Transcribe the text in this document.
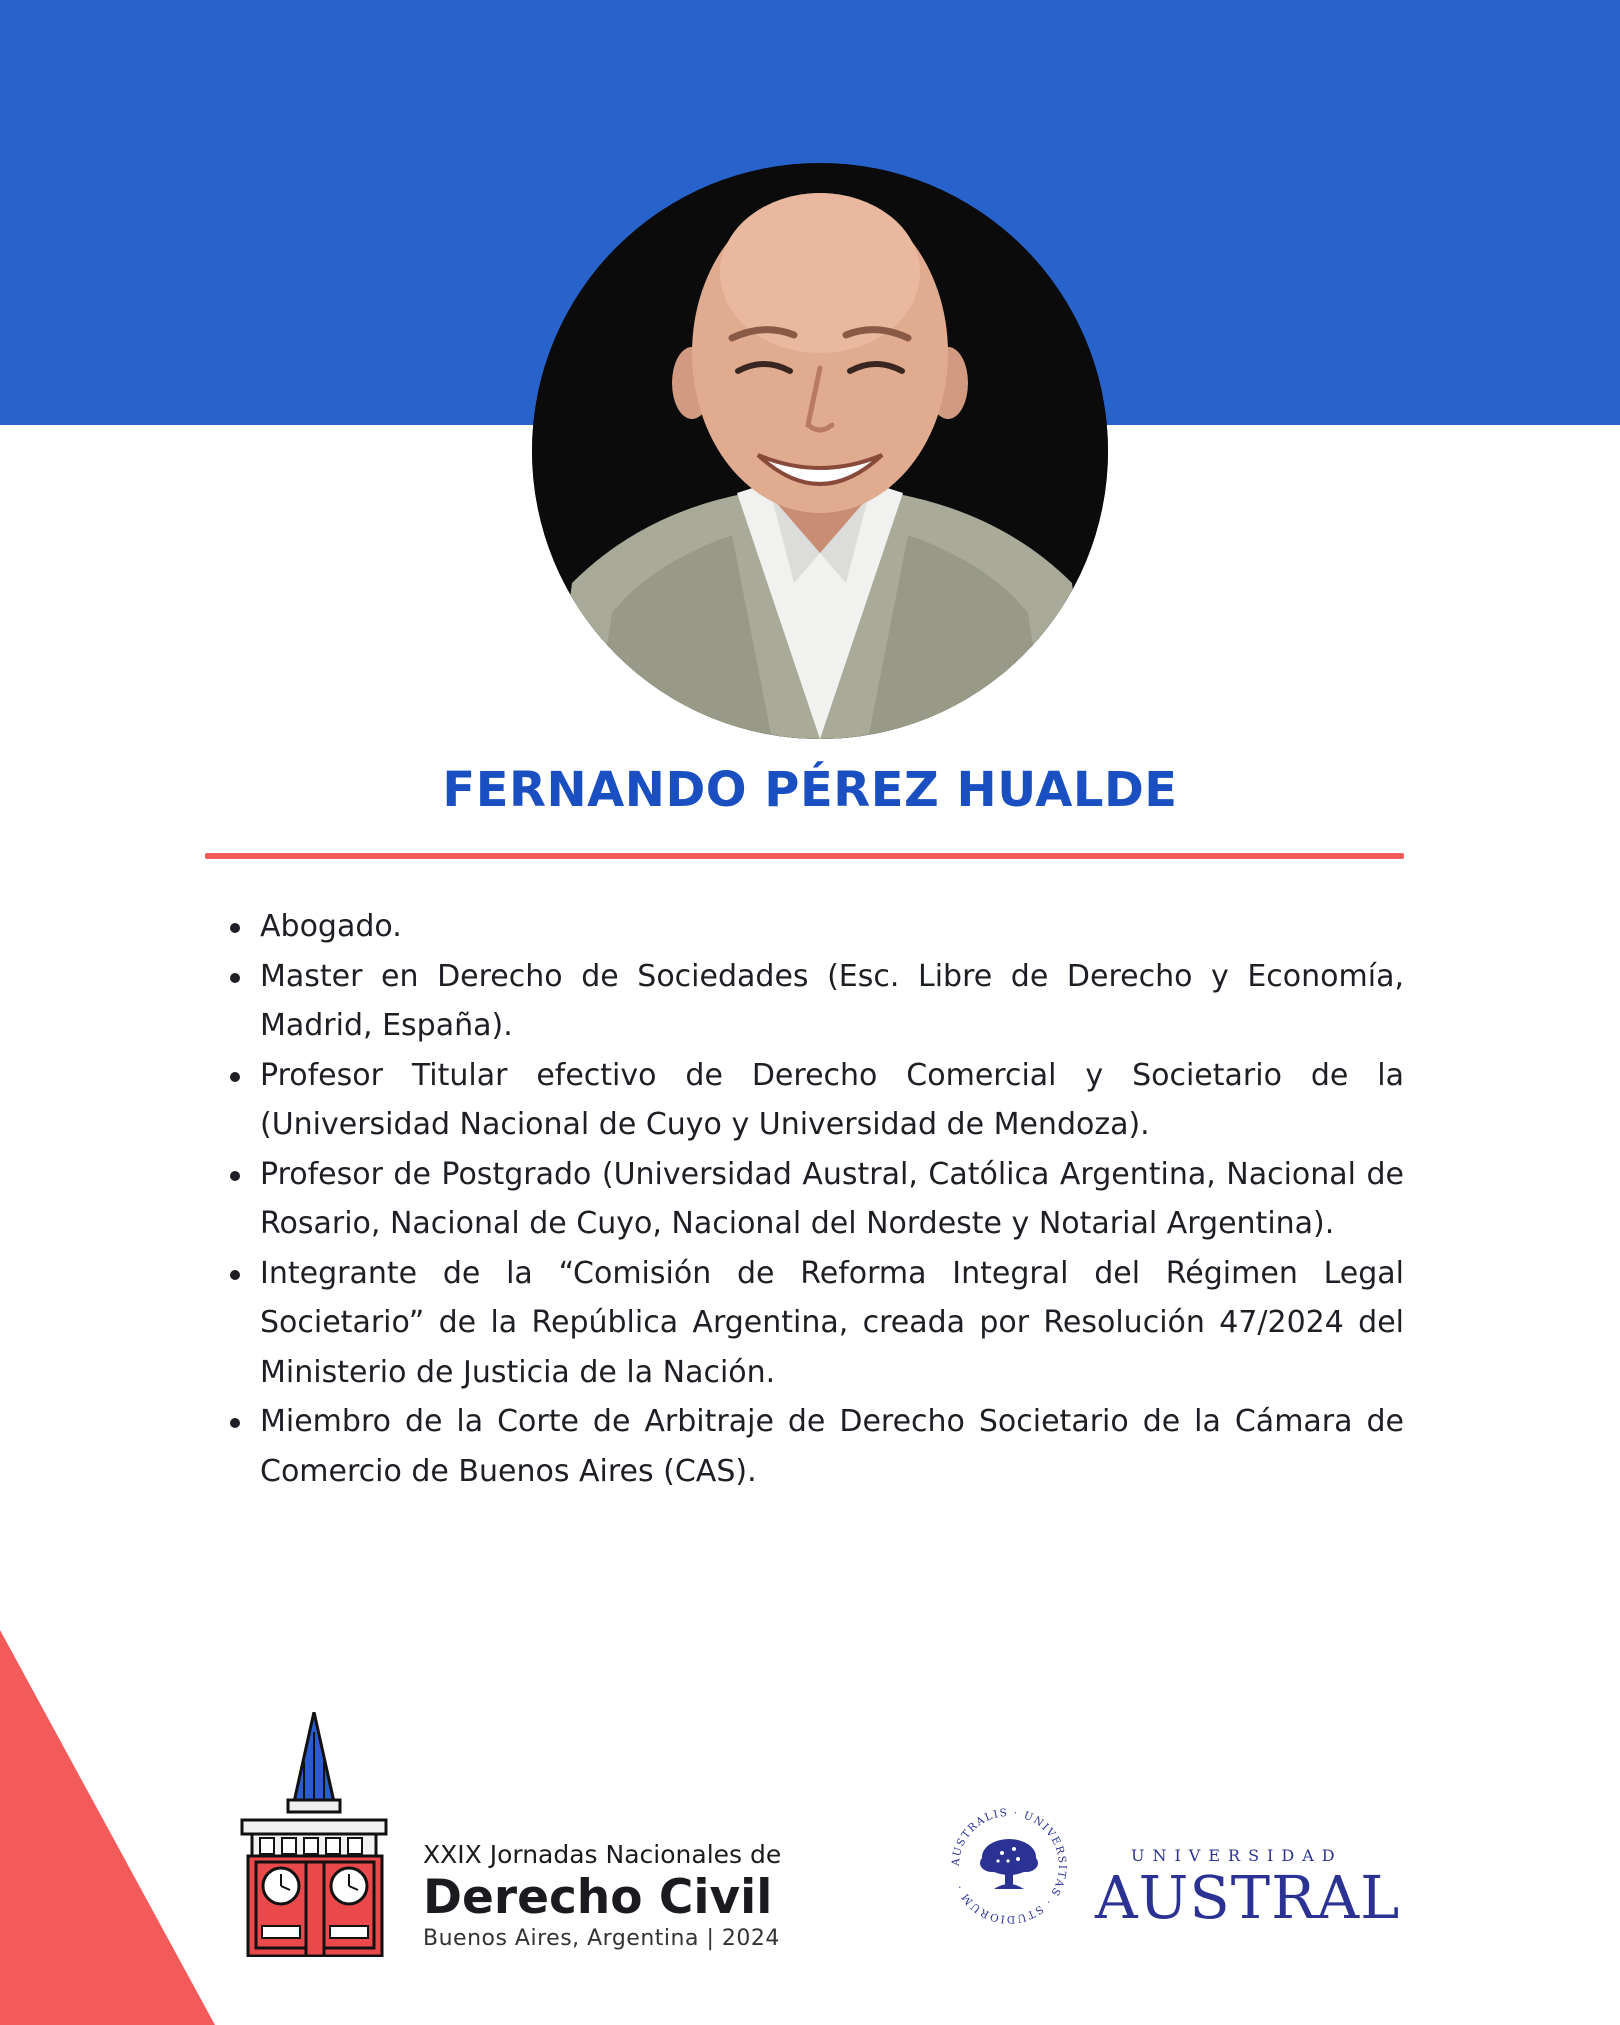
FERNANDO PÉREZ HUALDE
Abogado.
Master en Derecho de Sociedades (Esc. Libre de Derecho y Economía, Madrid, España).
Profesor Titular efectivo de Derecho Comercial y Societario de la (Universidad Nacional de Cuyo y Universidad de Mendoza).
Profesor de Postgrado (Universidad Austral, Católica Argentina, Nacional de Rosario, Nacional de Cuyo, Nacional del Nordeste y Notarial Argentina).
Integrante de la “Comisión de Reforma Integral del Régimen Legal Societario” de la República Argentina, creada por Resolución 47/2024 del Ministerio de Justicia de la Nación.
Miembro de la Corte de Arbitraje de Derecho Societario de la Cámara de Comercio de Buenos Aires (CAS).
XXIX Jornadas Nacionales de
Derecho Civil
Buenos Aires, Argentina | 2024
AUSTRALIS · UNIVERSITAS · STUDIORUM ·
UNIVERSIDAD
AUSTRAL
